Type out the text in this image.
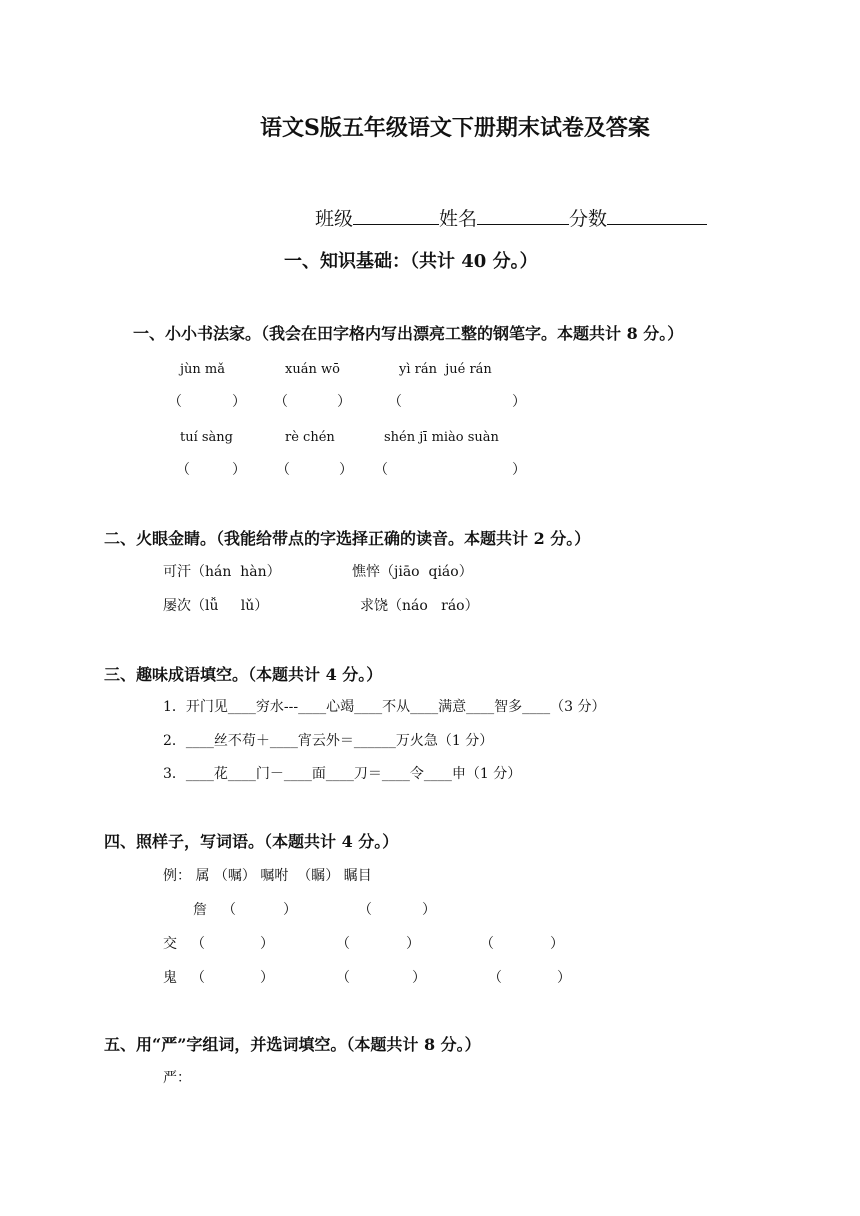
语文S版五年级语文下册期末试卷及答案
班级	姓名	分数
一、知识基础：（共计 40 分。）
一、小小书法家。（我会在田字格内写出漂亮工整的钢笔字。本题共计 8 分。）
jùn mǎ	xuán wō	yì rán  jué rán
（	） （	）	（	）
tuí sàng	rè chén	shén jī miào suàn
（	） （	） （	）
二、火眼金睛。（我能给带点的字选择正确的读音。本题共计 2 分。）
可汗（hán  hàn）	憔悴（jiāo  qiáo）
屡次（lǚ     lǔ）	求饶（náo   ráo）
三、趣味成语填空。（本题共计 4 分。）
1．开门见____穷水---____心竭____不从____满意____智多____（3 分）
2．____丝不苟＋____宵云外＝______万火急（1 分）
3．____花____门－____面____刀＝____令____申（1 分）
四、照样子，写词语。（本题共计 4 分。）
例： 属 （嘱） 嘱咐  （瞩） 瞩目
詹 （	）	（	）
交 （	）	（	）	（	）
鬼 （	）	（	）	（	）
五、用“严”字组词，并选词填空。（本题共计 8 分。）
严：
